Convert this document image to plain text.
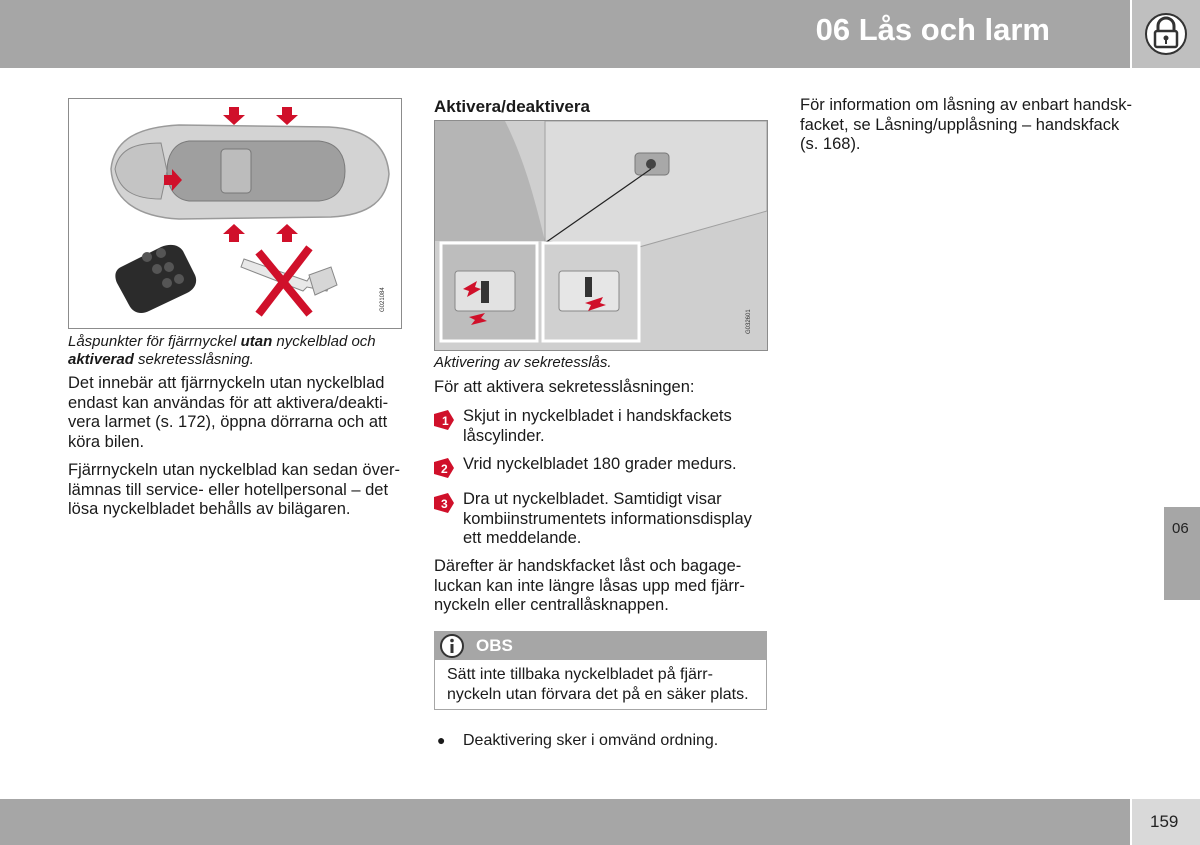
06 Lås och larm
06
G021084
Låspunkter för fjärrnyckel utan nyckelblad och aktiverad sekretesslåsning.
Det innebär att fjärrnyckeln utan nyckelblad
endast kan användas för att aktivera/deakti-
vera larmet (s. 172), öppna dörrarna och att
köra bilen.
Fjärrnyckeln utan nyckelblad kan sedan över-
lämnas till service- eller hotellpersonal – det
lösa nyckelbladet behålls av bilägaren.
Aktivera/deaktivera
G032601
Aktivering av sekretesslås.
För att aktivera sekretesslåsningen:
1 Skjut in nyckelbladet i handskfackets
låscylinder.
2 Vrid nyckelbladet 180 grader medurs.
3 Dra ut nyckelbladet. Samtidigt visar
kombiinstrumentets informationsdisplay
ett meddelande.
Därefter är handskfacket låst och bagage-
luckan kan inte längre låsas upp med fjärr-
nyckeln eller centrallåsknappen.
OBS
Sätt inte tillbaka nyckelbladet på fjärr-
nyckeln utan förvara det på en säker plats.
● Deaktivering sker i omvänd ordning.
För information om låsning av enbart handsk-
facket, se Låsning/upplåsning – handskfack
(s. 168).
159
